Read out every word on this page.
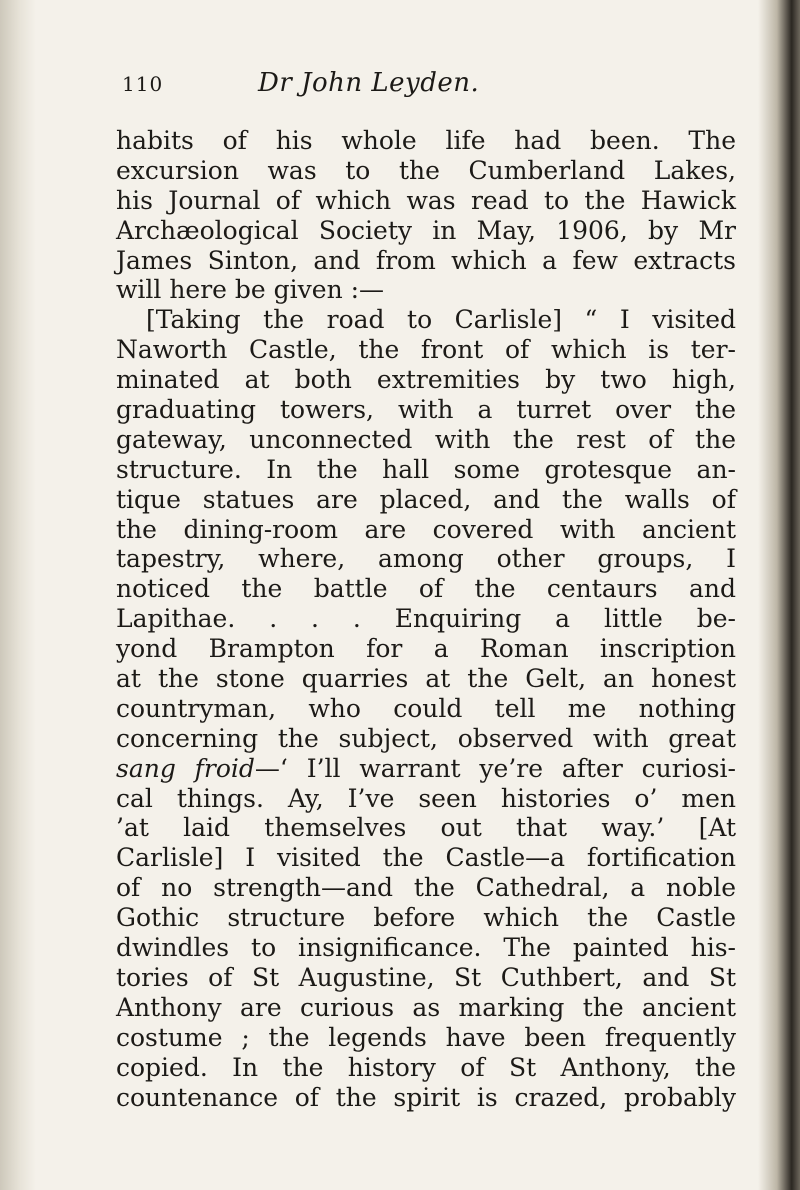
110	Dr John Leyden.
habits of his whole life had been. The
excursion was to the Cumberland Lakes,
his Journal of which was read to the Hawick
Archæological Society in May, 1906, by Mr
James Sinton, and from which a few extracts
will here be given :—
[Taking the road to Carlisle] “ I visited
Naworth Castle, the front of which is ter-
minated at both extremities by two high,
graduating towers, with a turret over the
gateway, unconnected with the rest of the
structure. In the hall some grotesque an-
tique statues are placed, and the walls of
the dining-room are covered with ancient
tapestry, where, among other groups, I
noticed the battle of the centaurs and
Lapithae. . . . Enquiring a little be-
yond Brampton for a Roman inscription
at the stone quarries at the Gelt, an honest
countryman, who could tell me nothing
concerning the subject, observed with great
sang froid—‘ I’ll warrant ye’re after curiosi-
cal things. Ay, I’ve seen histories o’ men
’at laid themselves out that way.’ [At
Carlisle] I visited the Castle—a fortification
of no strength—and the Cathedral, a noble
Gothic structure before which the Castle
dwindles to insignificance. The painted his-
tories of St Augustine, St Cuthbert, and St
Anthony are curious as marking the ancient
costume ; the legends have been frequently
copied. In the history of St Anthony, the
countenance of the spirit is crazed, probably
